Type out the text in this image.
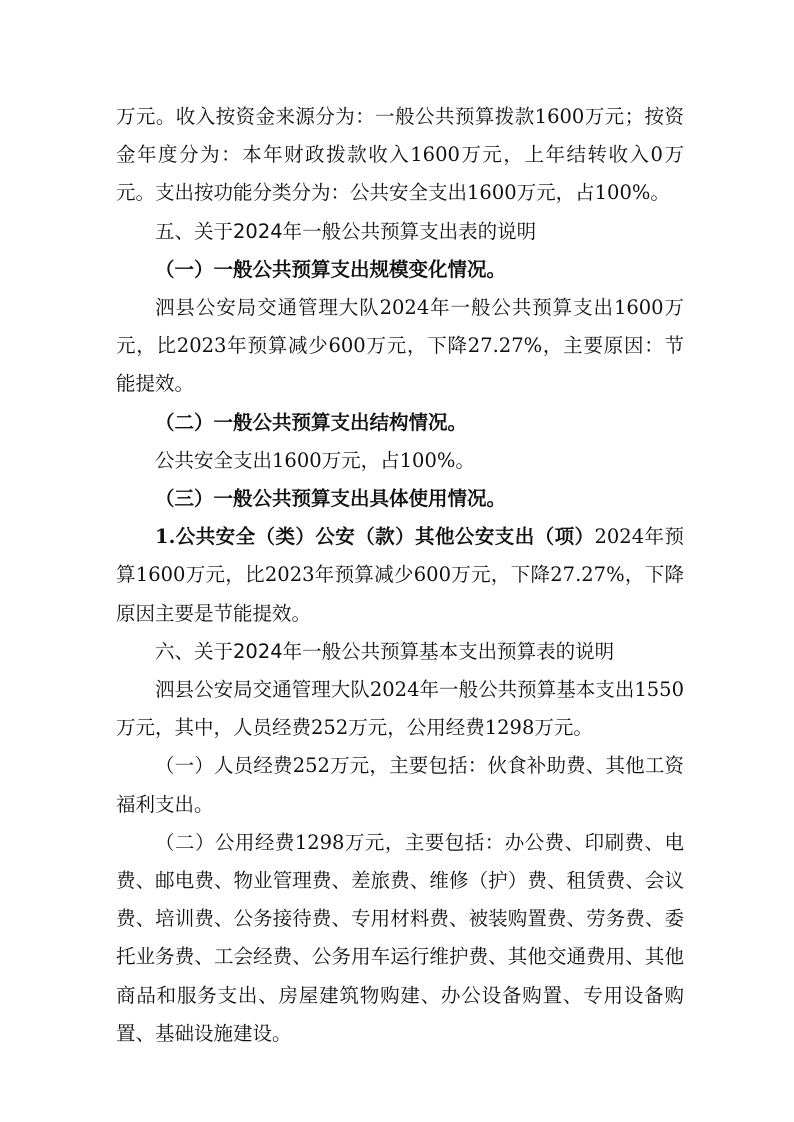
万元。收入按资金来源分为：一般公共预算拨款1600万元；按资金年度分为：本年财政拨款收入1600万元，上年结转收入0万元。支出按功能分类分为：公共安全支出1600万元，占100%。

五、关于2024年一般公共预算支出表的说明

（一）一般公共预算支出规模变化情况。

泗县公安局交通管理大队2024年一般公共预算支出1600万元，比2023年预算减少600万元，下降27.27%，主要原因：节能提效。

（二）一般公共预算支出结构情况。

公共安全支出1600万元，占100%。

（三）一般公共预算支出具体使用情况。

1.公共安全（类）公安（款）其他公安支出（项）2024年预算1600万元，比2023年预算减少600万元，下降27.27%，下降原因主要是节能提效。

六、关于2024年一般公共预算基本支出预算表的说明

泗县公安局交通管理大队2024年一般公共预算基本支出1550万元，其中，人员经费252万元，公用经费1298万元。

（一）人员经费252万元，主要包括：伙食补助费、其他工资福利支出。

（二）公用经费1298万元，主要包括：办公费、印刷费、电费、邮电费、物业管理费、差旅费、维修（护）费、租赁费、会议费、培训费、公务接待费、专用材料费、被装购置费、劳务费、委托业务费、工会经费、公务用车运行维护费、其他交通费用、其他商品和服务支出、房屋建筑物购建、办公设备购置、专用设备购置、基础设施建设。
